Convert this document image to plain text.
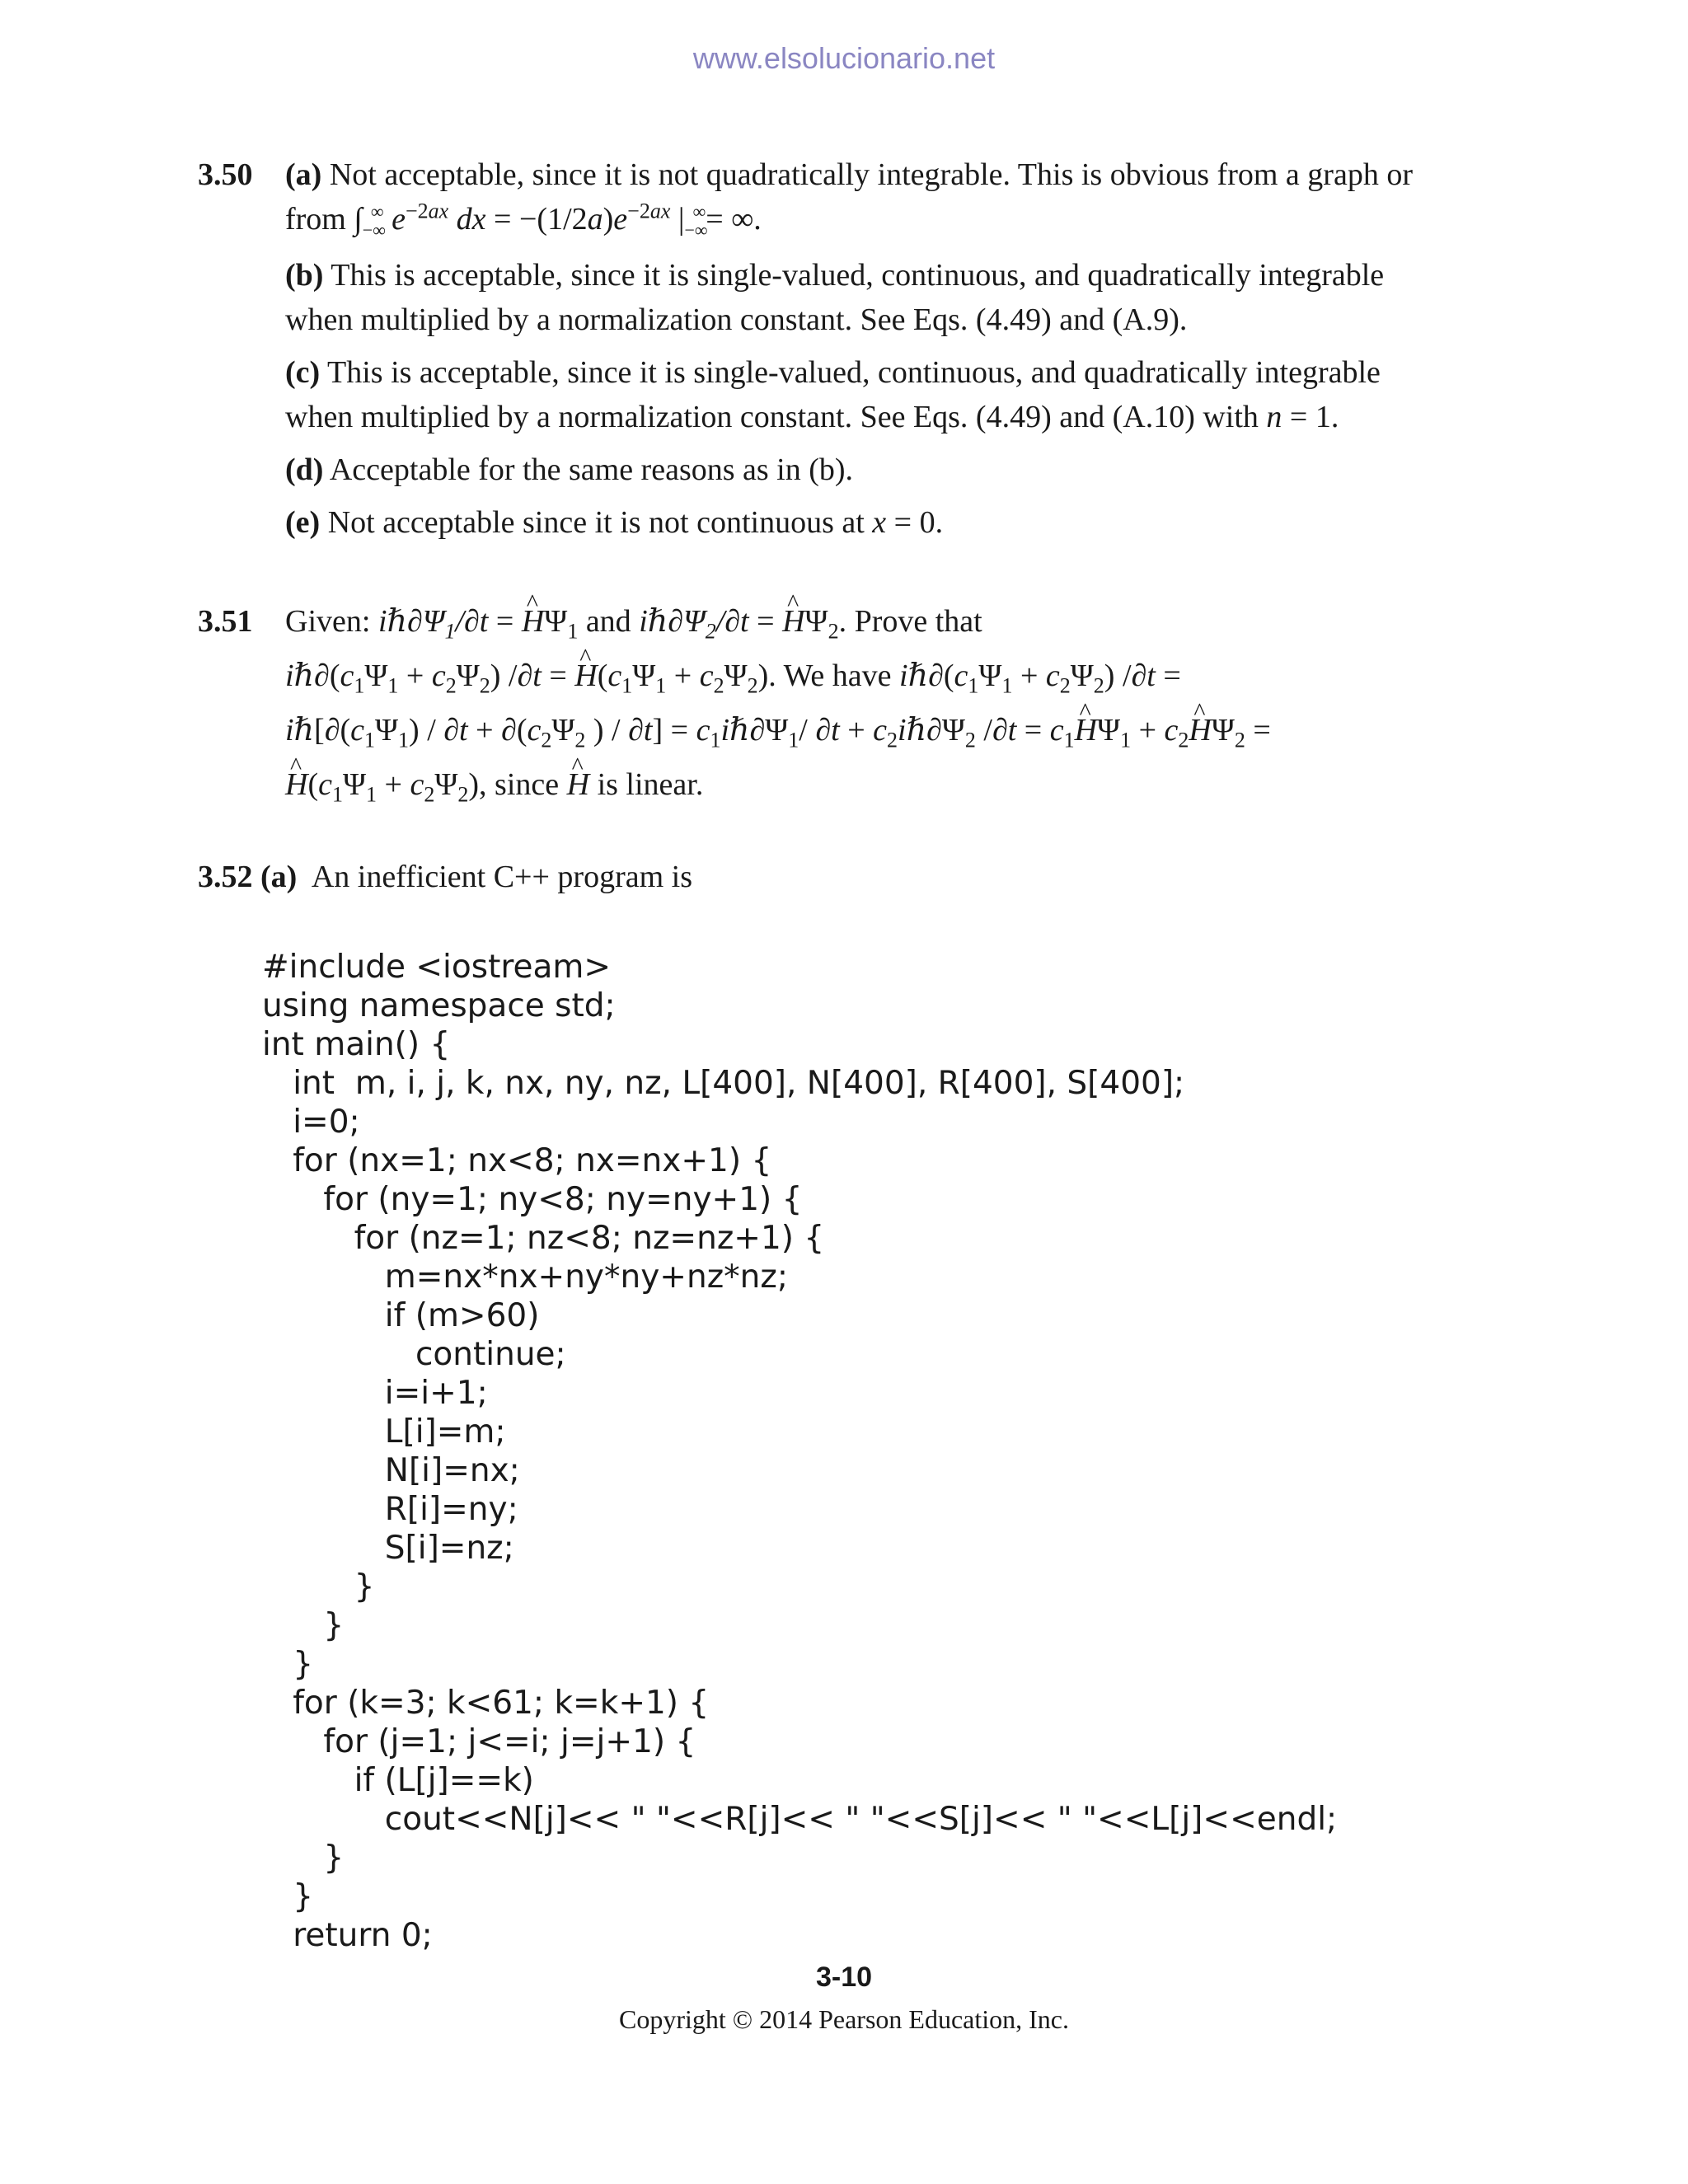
www.elsolucionario.net
3.50 (a) Not acceptable, since it is not quadratically integrable. This is obvious from a graph or

from $\int_{-\infty}^\infty$ $e^{-2ax}$ dx = $-(1/2a)e^{-2ax}$ $|_{-\infty}^\infty=$ ∞.

(b) This is acceptable, since it is single-valued, continuous, and quadratically integrable
when multiplied by a normalization constant. See Eqs. (4.49) and (A.9).

(c) This is acceptable, since it is single-valued, continuous, and quadratically integrable
when multiplied by a normalization constant. See Eqs. (4.49) and (A.10) with n = 1.

(d) Acceptable for the same reasons as in (b).

(e) Not acceptable since it is not continuous at x = 0.

3.51 Given: $i\hbar\partial\Psi_1/\partial t$ = ^ $H\Psi_1$ and $i\hbar\partial\Psi_2/\partial t$ = ^ $H\Psi_2$. Prove that

$i\hbar\partial(c_1\Psi_1 + c_2\Psi_2) /\partial t$ = ^ $H(c_1\Psi_1 + c_2\Psi_2)$. We have $i\hbar\partial(c_1\Psi_1 + c_2\Psi_2) /\partial t$ =

$i\hbar[\partial(c_1\Psi_1) / \partial t + \partial(c_2\Psi_2$ ) / $\partial t] = c_1i\hbar\partial\Psi_1/$ $\partial t + c_2i\hbar\partial\Psi_2$ $/\partial t = c_1\^{}$ $H\Psi_1$ + $c_2\^{}$ $H\Psi_2$ =

^ $H(c_1\Psi_1 + c_2\Psi_2)$, since ^ H is linear.

3.52 (a) An inefficient C++ program is

#include <iostream>
using namespace std;
int main() {
int  m, i, j, k, nx, ny, nz, L[400], N[400], R[400], S[400];
i=0;
for (nx=1; nx<8; nx=nx+1) {
for (ny=1; ny<8; ny=ny+1) {
for (nz=1; nz<8; nz=nz+1) {
m=nx*nx+ny*ny+nz*nz;
if (m>60)
continue;
i=i+1;
L[i]=m;
N[i]=nx;
R[i]=ny;
S[i]=nz;
}
}
}
for (k=3; k<61; k=k+1) {
for (j=1; j<=i; j=j+1) {
if (L[j]==k)
cout<<N[j]<< " "<<R[j]<< " "<<S[j]<< " "<<L[j]<<endl;
}
}
return 0;
3-10
Copyright © 2014 Pearson Education, Inc.
